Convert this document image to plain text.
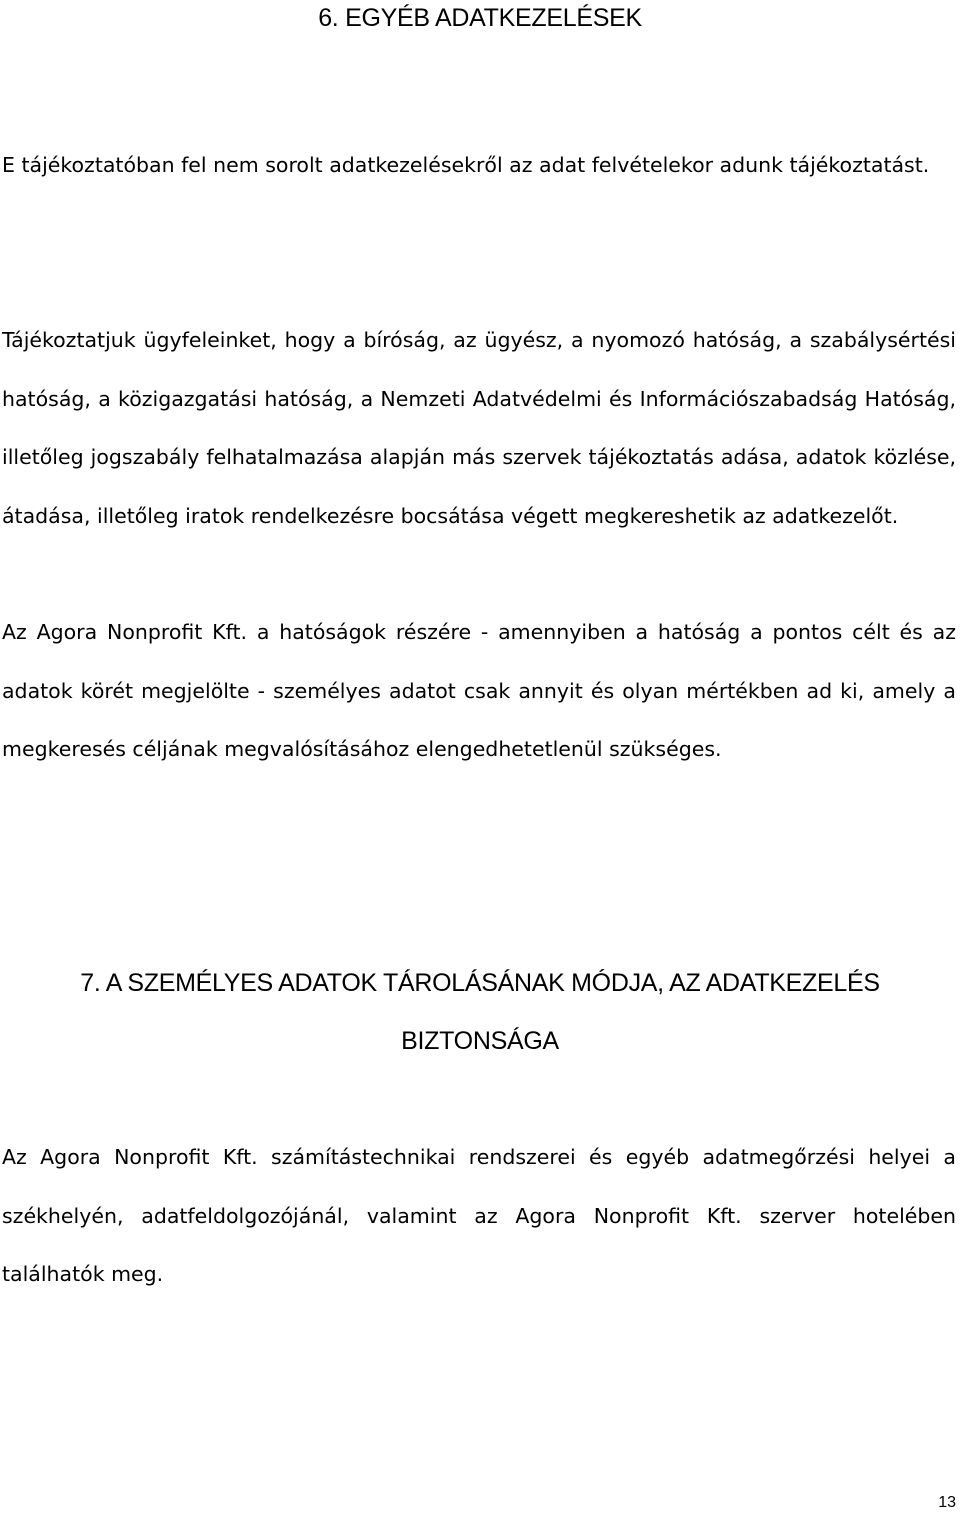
6. EGYÉB ADATKEZELÉSEK

E tájékoztatóban fel nem sorolt adatkezelésekről az adat felvételekor adunk tájékoztatást.

Tájékoztatjuk ügyfeleinket, hogy a bíróság, az ügyész, a nyomozó hatóság, a szabálysértési hatóság, a közigazgatási hatóság, a Nemzeti Adatvédelmi és Információszabadság Hatóság, illetőleg jogszabály felhatalmazása alapján más szervek tájékoztatás adása, adatok közlése, átadása, illetőleg iratok rendelkezésre bocsátása végett megkereshetik az adatkezelőt.

Az Agora Nonprofit Kft. a hatóságok részére - amennyiben a hatóság a pontos célt és az adatok körét megjelölte - személyes adatot csak annyit és olyan mértékben ad ki, amely a megkeresés céljának megvalósításához elengedhetetlenül szükséges.

7. A SZEMÉLYES ADATOK TÁROLÁSÁNAK MÓDJA, AZ ADATKEZELÉS
BIZTONSÁGA

Az Agora Nonprofit Kft. számítástechnikai rendszerei és egyéb adatmegőrzési helyei a székhelyén, adatfeldolgozójánál, valamint az Agora Nonprofit Kft. szerver hotelében találhatók meg.

13
